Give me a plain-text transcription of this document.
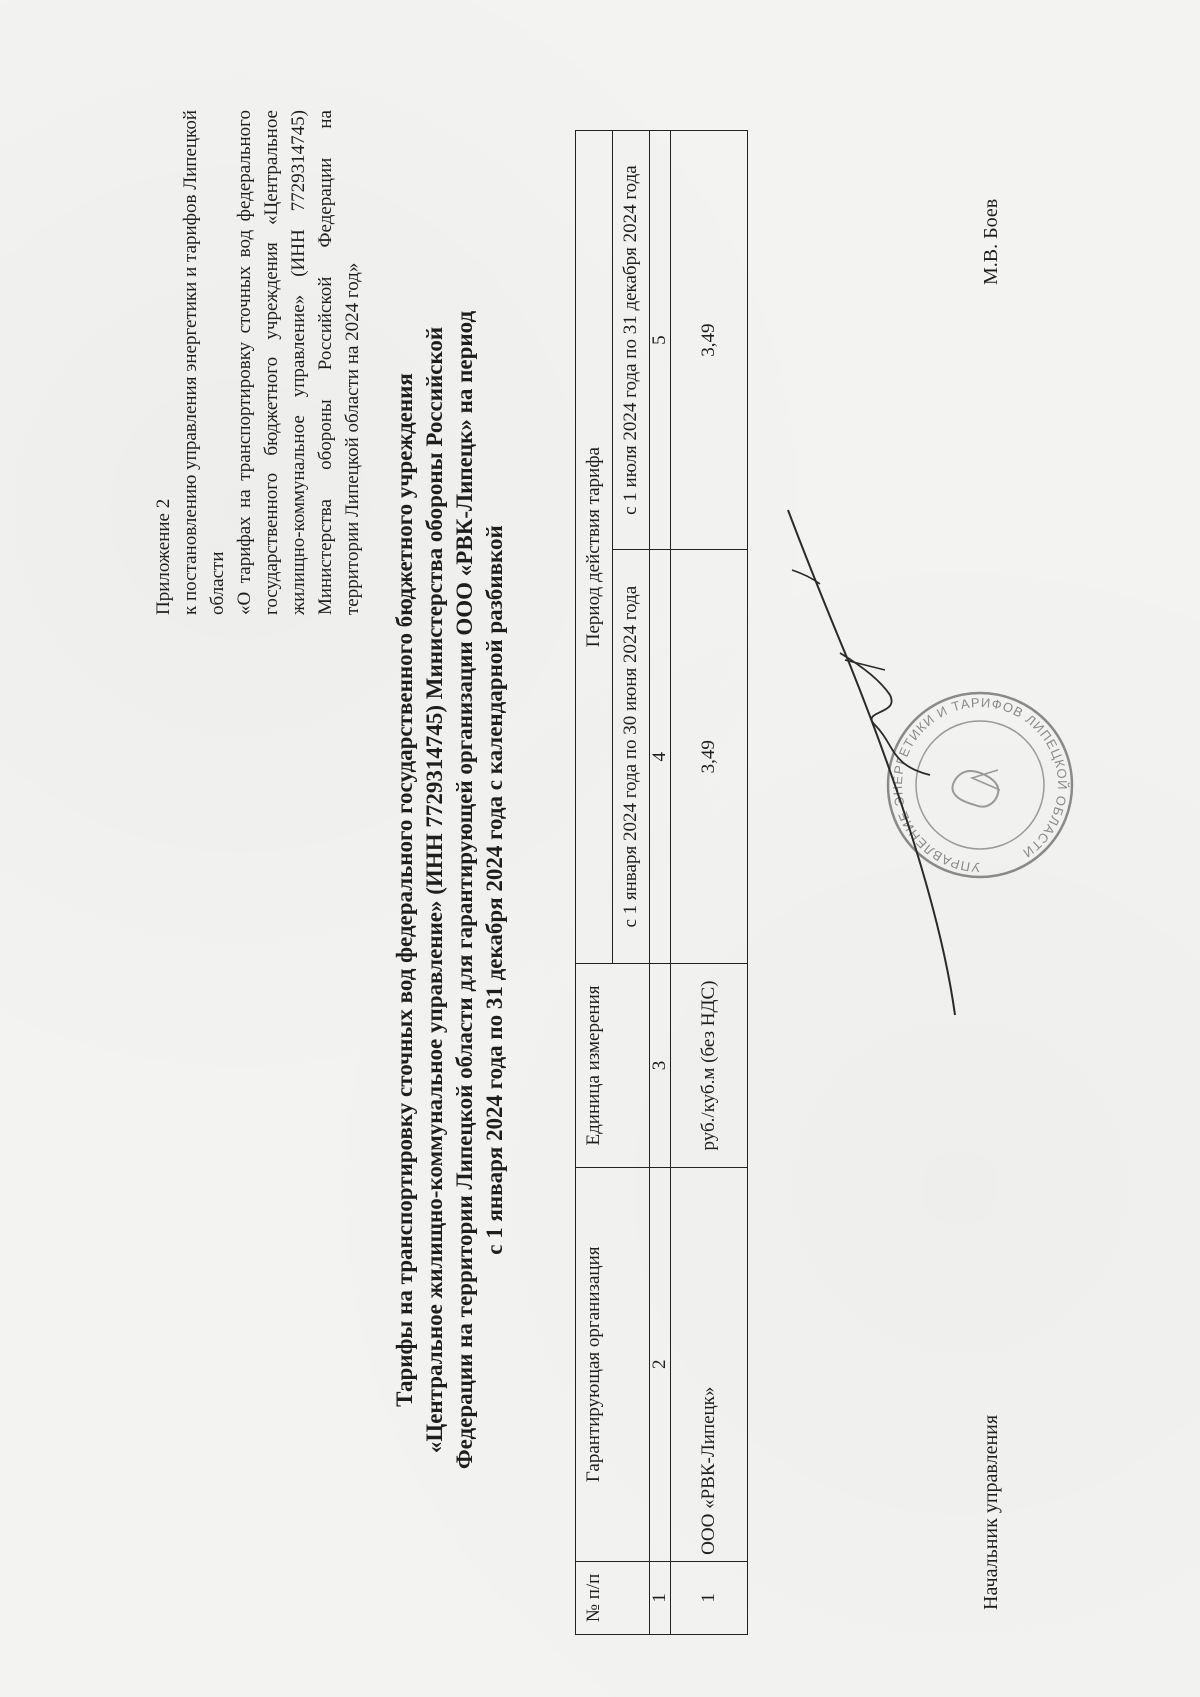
Приложение 2 к постановлению управления энергетики и тарифов Липецкой области «О тарифах на транспортировку сточных вод федерального государственного бюджетного учреждения «Центральное жилищно-коммунальное управление» (ИНН 7729314745) Министерства обороны Российской Федерации на территории Липецкой области на 2024 год» Тарифы на транспортировку сточных вод федерального государственного бюджетного учреждения «Центральное жилищно-коммунальное управление» (ИНН 7729314745) Министерства обороны Российской Федерации на территории Липецкой области для гарантирующей организации ООО «РВК-Липецк» на период с 1 января 2024 года по 31 декабря 2024 года с календарной разбивкой
№ п/п	Гарантирующая организация	Единица измерения	Период действия тарифа	
			с 1 января 2024 года по 30 июня 2024 года	с 1 июля 2024 года по 31 декабря 2024 года
1	2	3	4	5
1	ООО «РВК-Липецк»	руб./куб.м (без НДС)	3,49	3,49
Начальник управления
М.В. Боев
УПРАВЛЕНИЕ ЭНЕРГЕТИКИ И ТАРИФОВ ЛИПЕЦКОЙ ОБЛАСТИ
